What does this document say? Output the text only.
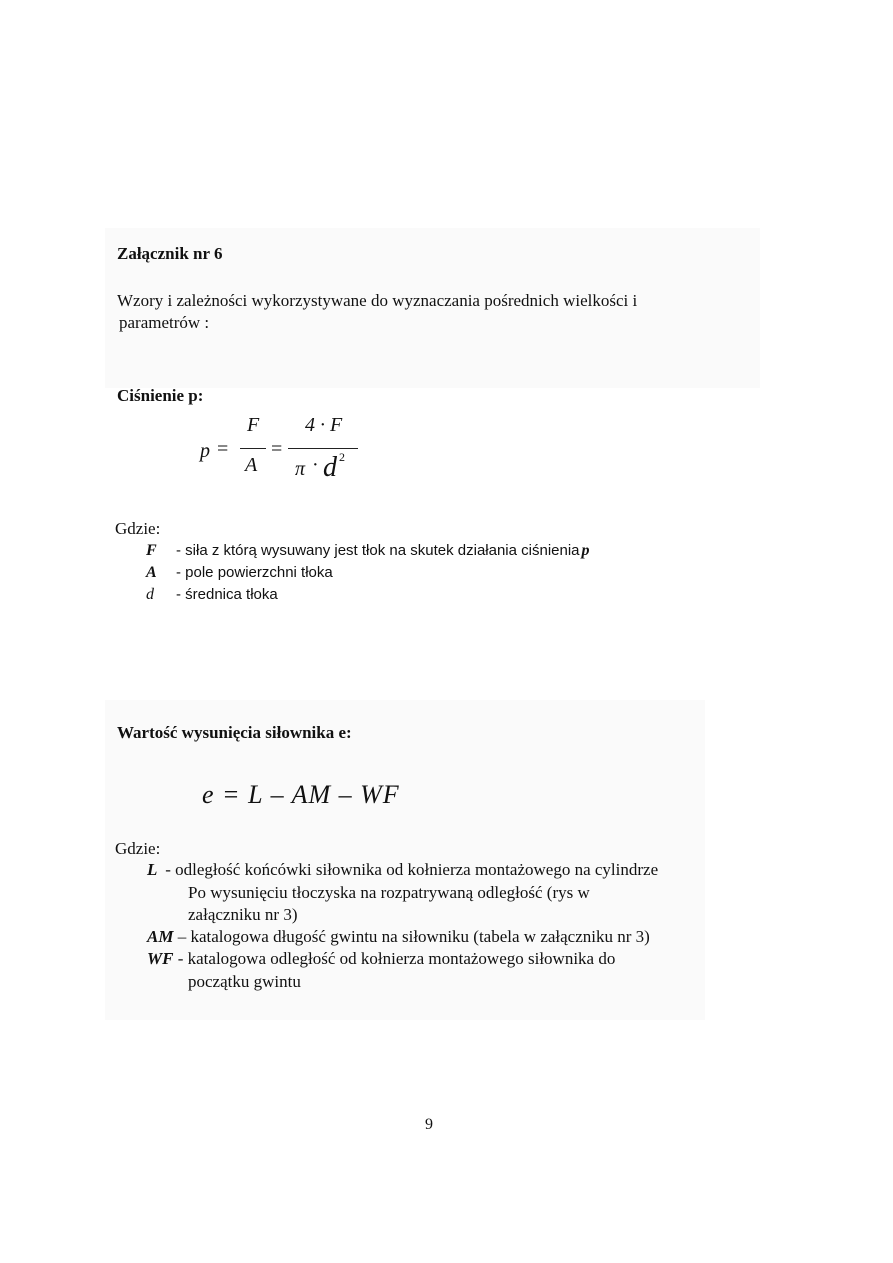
Załącznik nr 6
Wzory i zależności wykorzystywane do wyznaczania pośrednich wielkości i
parametrów :
Ciśnienie p:
p =
F
A
=
4 · F
π · d 2
Gdzie:
F - siła z którą wysuwany jest tłok na skutek działania ciśnienia p
A - pole powierzchni tłoka
d - średnica tłoka
Wartość wysunięcia siłownika e:
e = L – AM – WF
Gdzie:
L - odległość końcówki siłownika od kołnierza montażowego na cylindrze
Po wysunięciu tłoczyska na rozpatrywaną odległość (rys w
załączniku nr 3)
AM – katalogowa długość gwintu na siłowniku (tabela w załączniku nr 3)
WF - katalogowa odległość od kołnierza montażowego siłownika do
początku gwintu
9
